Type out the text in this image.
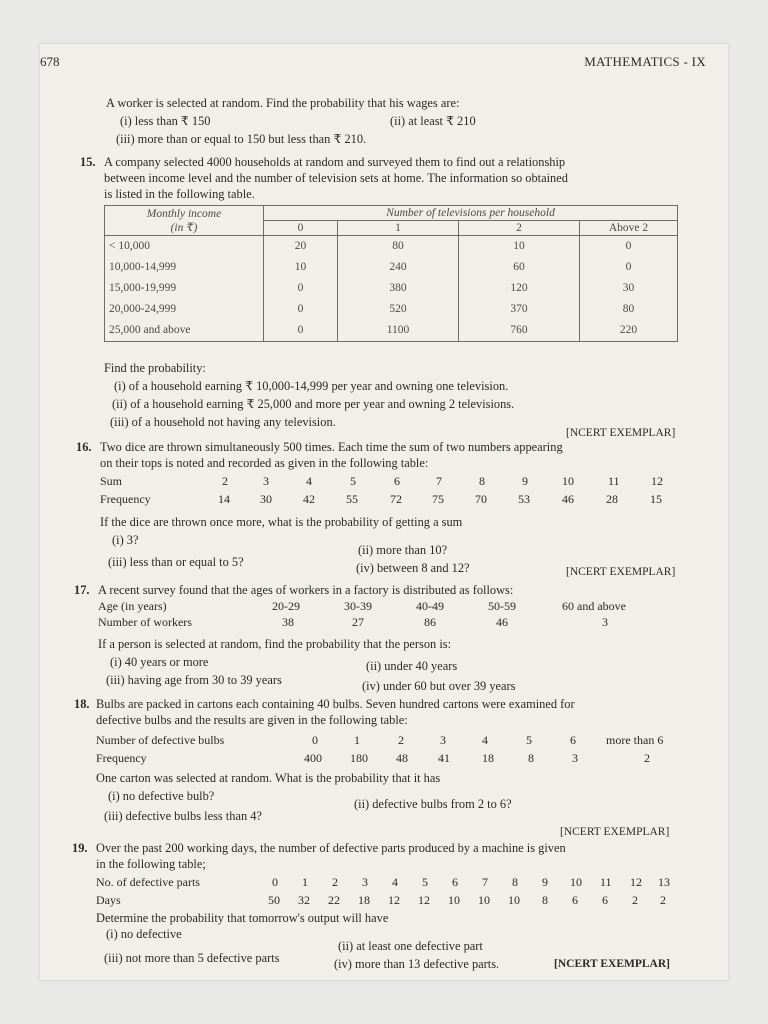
678	MATHEMATICS - IX
A worker is selected at random. Find the probability that his wages are:
(i) less than ₹ 150	(ii) at least ₹ 210
(iii) more than or equal to 150 but less than ₹ 210.
15. A company selected 4000 households at random and surveyed them to find out a relationship
between income level and the number of television sets at home. The information so obtained
is listed in the following table.
Monthly income
(in ₹)	Number of televisions per household			
	0	1	2	Above 2
< 10,000	20	80	10	0
10,000-14,999	10	240	60	0
15,000-19,999	0	380	120	30
20,000-24,999	0	520	370	80
25,000 and above	0	1100	760	220
Find the probability:
(i) of a household earning ₹ 10,000-14,999 per year and owning one television.
(ii) of a household earning ₹ 25,000 and more per year and owning 2 televisions.
(iii) of a household not having any television.
[NCERT EXEMPLAR]
16. Two dice are thrown simultaneously 500 times. Each time the sum of two numbers appearing
on their tops is noted and recorded as given in the following table:
Sum	2	3	4	5	6	7	8	9	10	11	12
Frequency	14	30	42	55	72	75	70	53	46	28	15
If the dice are thrown once more, what is the probability of getting a sum
(i) 3?
(ii) more than 10?
(iii) less than or equal to 5?	(iv) between 8 and 12?	[NCERT EXEMPLAR]
17. A recent survey found that the ages of workers in a factory is distributed as follows:
Age (in years)	20-29	30-39	40-49	50-59	60 and above
Number of workers	38	27	86	46	3
If a person is selected at random, find the probability that the person is:
(i) 40 years or more	(ii) under 40 years
(iii) having age from 30 to 39 years	(iv) under 60 but over 39 years
18. Bulbs are packed in cartons each containing 40 bulbs. Seven hundred cartons were examined for
defective bulbs and the results are given in the following table:
Number of defective bulbs	0	1	2	3	4	5	6	more than 6
Frequency	400 180 48	41	18	8	3	2
One carton was selected at random. What is the probability that it has
(i) no defective bulb?
(ii) defective bulbs from 2 to 6?
(iii) defective bulbs less than 4?
[NCERT EXEMPLAR]
19. Over the past 200 working days, the number of defective parts produced by a machine is given
in the following table;
No. of defective parts	0 1 2 3 4 5 6 7 8 9 10 11 12 13
Days	50 32 22 18 12 12 10 10 10 8 6 6 2 2
Determine the probability that tomorrow's output will have
(i) no defective
(ii) at least one defective part
(iii) not more than 5 defective parts	(iv) more than 13 defective parts.	[NCERT EXEMPLAR]
